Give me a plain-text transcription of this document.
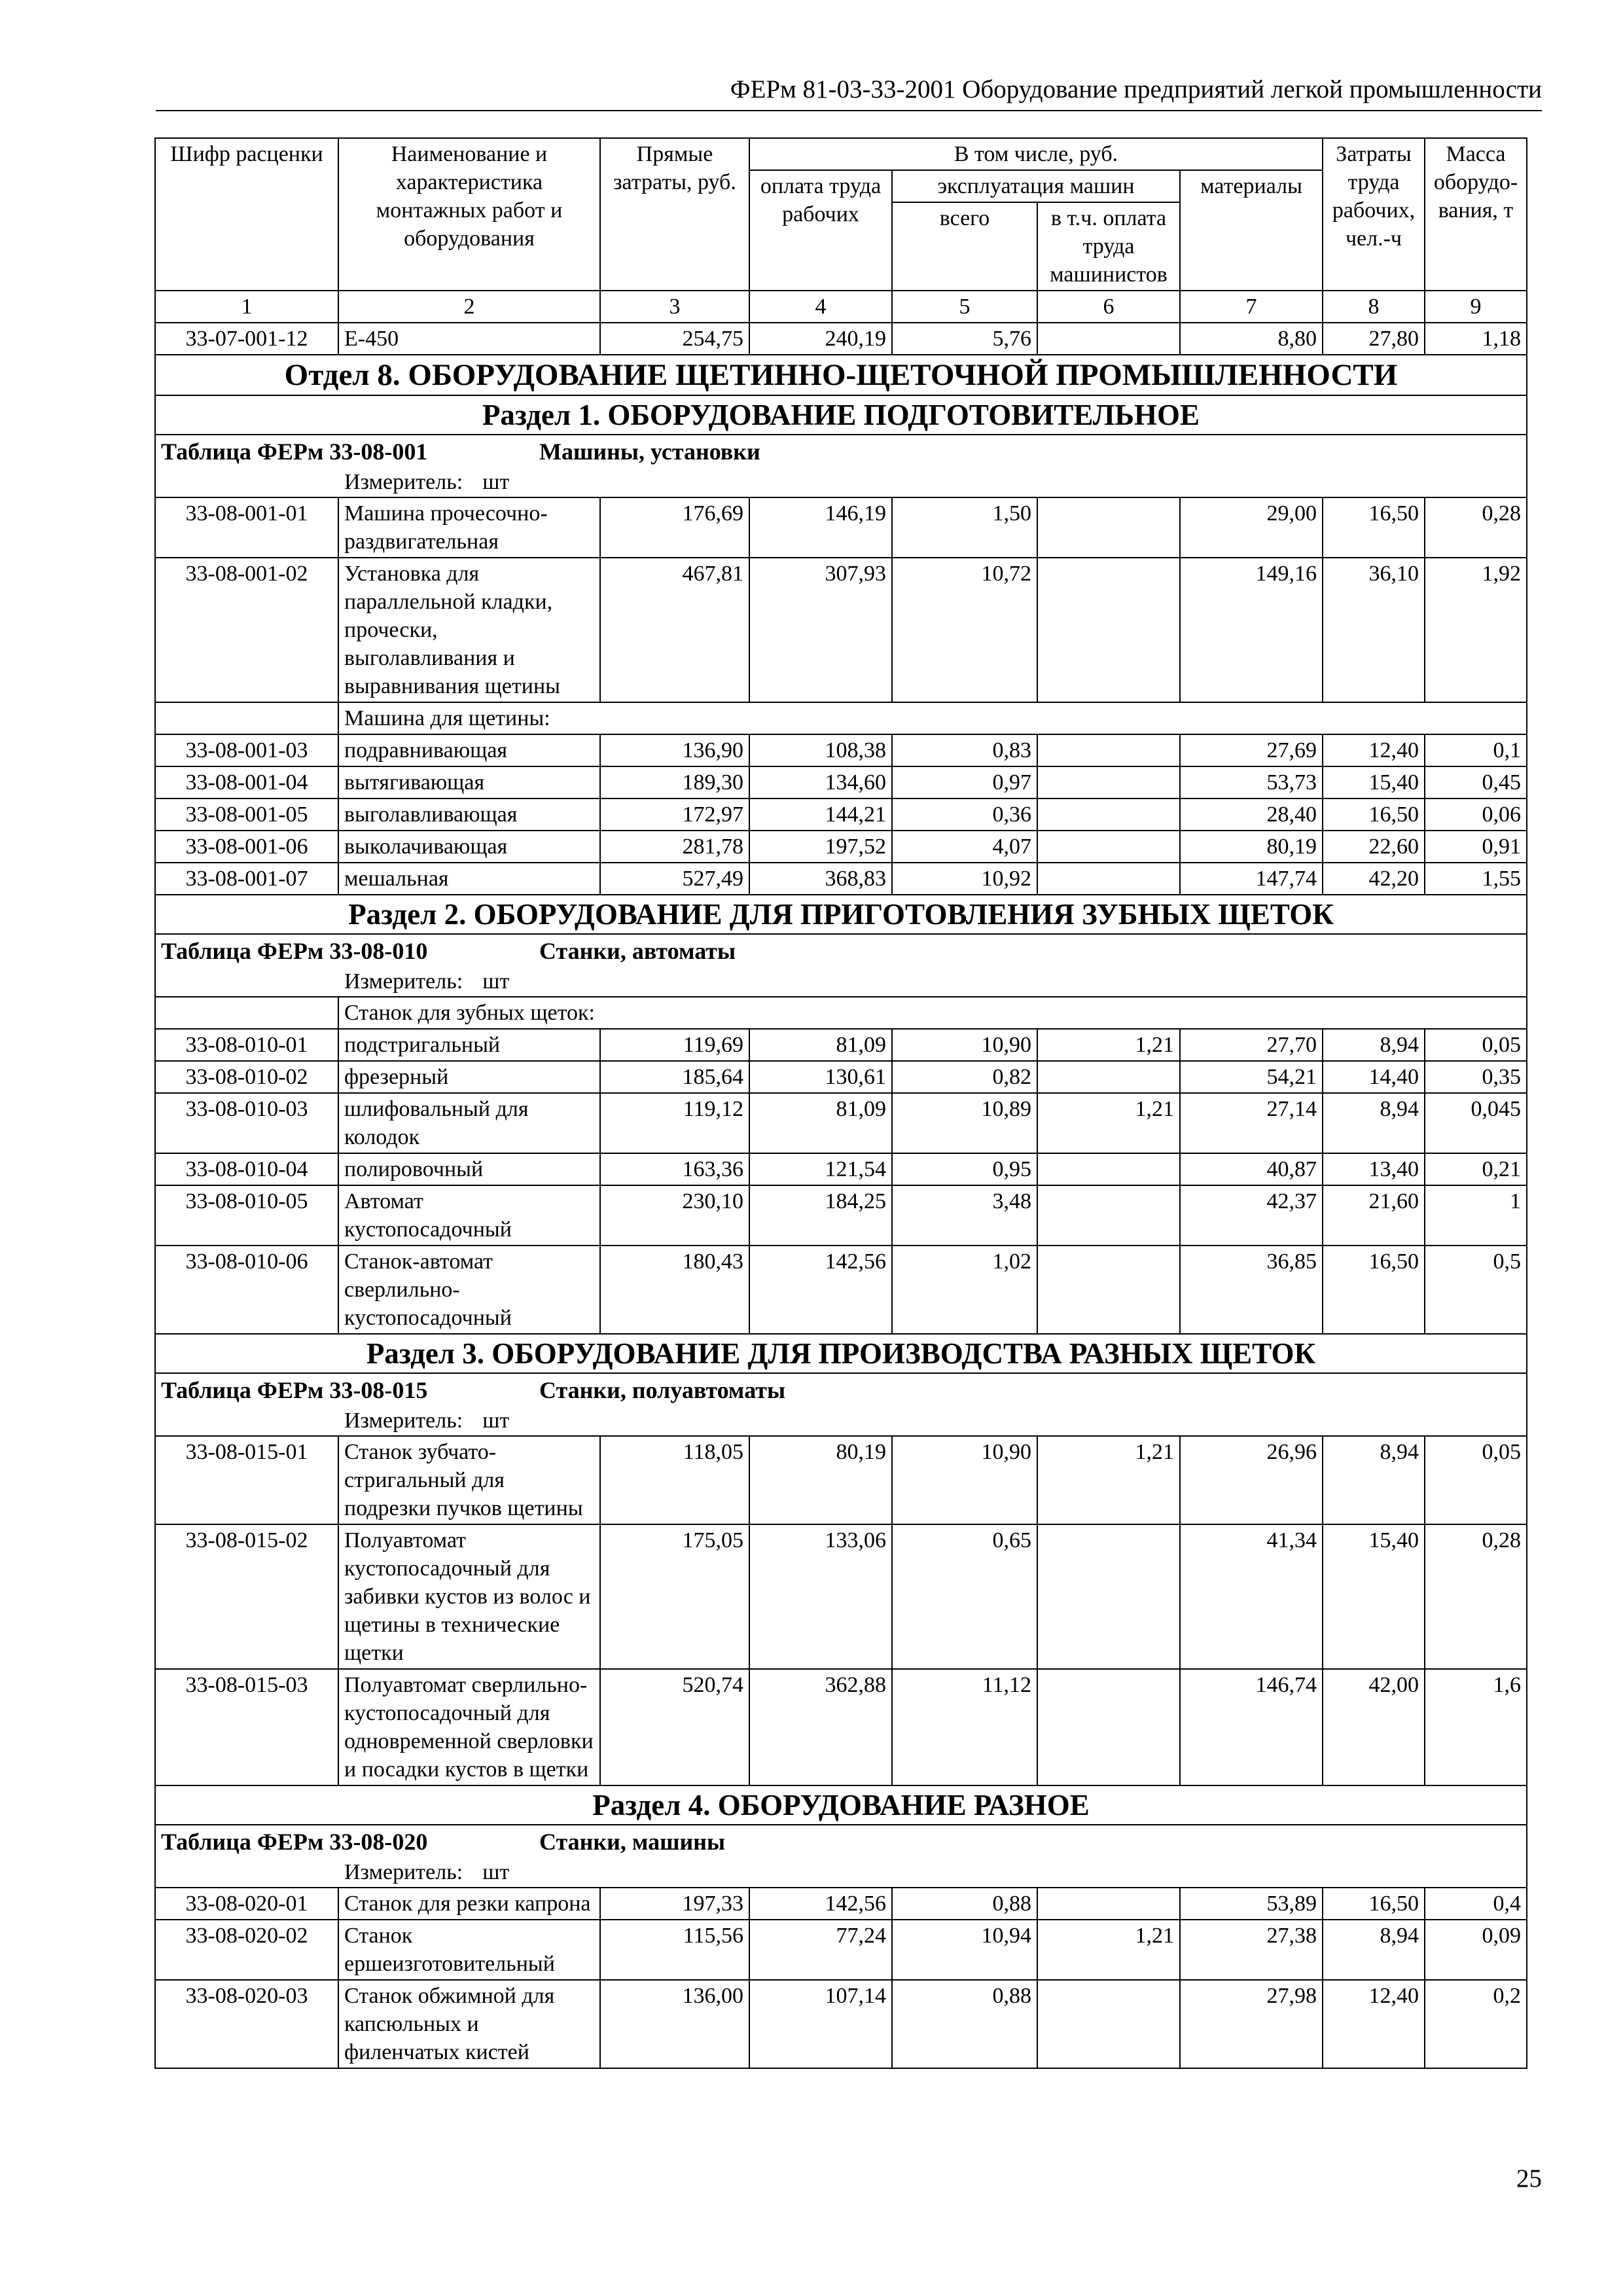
ФЕРм 81-03-33-2001 Оборудование предприятий легкой промышленности
Шифр расценки	Наименование и характеристика монтажных работ и оборудования	Прямые затраты, руб.	В том числе, руб.				Затраты труда рабочих, чел.-ч	Масса оборудо-вания, т
			оплата труда рабочих	эксплуатация машин		материалы		
				всего	в т.ч. оплата труда машинистов			
1	2	3	4	5	6	7	8	9
33-07-001-12	E-450	254,75	240,19	5,76		8,80	27,80	1,18
Отдел 8. ОБОРУДОВАНИЕ ЩЕТИННО-ЩЕТОЧНОЙ ПРОМЫШЛЕННОСТИ								
Раздел 1. ОБОРУДОВАНИЕ ПОДГОТОВИТЕЛЬНОЕ								
Таблица ФЕРм 33-08-001 Машины, установки								
Измеритель: шт								
33-08-001-01	Машина прочесочно-раздвигательная	176,69	146,19	1,50		29,00	16,50	0,28
33-08-001-02	Установка для параллельной кладки, прочески, выголавливания и выравнивания щетины	467,81	307,93	10,72		149,16	36,10	1,92
	Машина для щетины:							
33-08-001-03	подравнивающая	136,90	108,38	0,83		27,69	12,40	0,1
33-08-001-04	вытягивающая	189,30	134,60	0,97		53,73	15,40	0,45
33-08-001-05	выголавливающая	172,97	144,21	0,36		28,40	16,50	0,06
33-08-001-06	выколачивающая	281,78	197,52	4,07		80,19	22,60	0,91
33-08-001-07	мешальная	527,49	368,83	10,92		147,74	42,20	1,55
Раздел 2. ОБОРУДОВАНИЕ ДЛЯ ПРИГОТОВЛЕНИЯ ЗУБНЫХ ЩЕТОК								
Таблица ФЕРм 33-08-010 Станки, автоматы								
Измеритель: шт								
	Станок для зубных щеток:							
33-08-010-01	подстригальный	119,69	81,09	10,90	1,21	27,70	8,94	0,05
33-08-010-02	фрезерный	185,64	130,61	0,82		54,21	14,40	0,35
33-08-010-03	шлифовальный для колодок	119,12	81,09	10,89	1,21	27,14	8,94	0,045
33-08-010-04	полировочный	163,36	121,54	0,95		40,87	13,40	0,21
33-08-010-05	Автомат кустопосадочный	230,10	184,25	3,48		42,37	21,60	1
33-08-010-06	Станок-автомат сверлильно-кустопосадочный	180,43	142,56	1,02		36,85	16,50	0,5
Раздел 3. ОБОРУДОВАНИЕ ДЛЯ ПРОИЗВОДСТВА РАЗНЫХ ЩЕТОК								
Таблица ФЕРм 33-08-015 Станки, полуавтоматы								
Измеритель: шт								
33-08-015-01	Станок зубчато-стригальный для подрезки пучков щетины	118,05	80,19	10,90	1,21	26,96	8,94	0,05
33-08-015-02	Полуавтомат кустопосадочный для забивки кустов из волос и щетины в технические щетки	175,05	133,06	0,65		41,34	15,40	0,28
33-08-015-03	Полуавтомат сверлильно-кустопосадочный для одновременной сверловки и посадки кустов в щетки	520,74	362,88	11,12		146,74	42,00	1,6
Раздел 4. ОБОРУДОВАНИЕ РАЗНОЕ								
Таблица ФЕРм 33-08-020 Станки, машины								
Измеритель: шт								
33-08-020-01	Станок для резки капрона	197,33	142,56	0,88		53,89	16,50	0,4
33-08-020-02	Станок ершеизготовительный	115,56	77,24	10,94	1,21	27,38	8,94	0,09
33-08-020-03	Станок обжимной для капсюльных и филенчатых кистей	136,00	107,14	0,88		27,98	12,40	0,2
25
